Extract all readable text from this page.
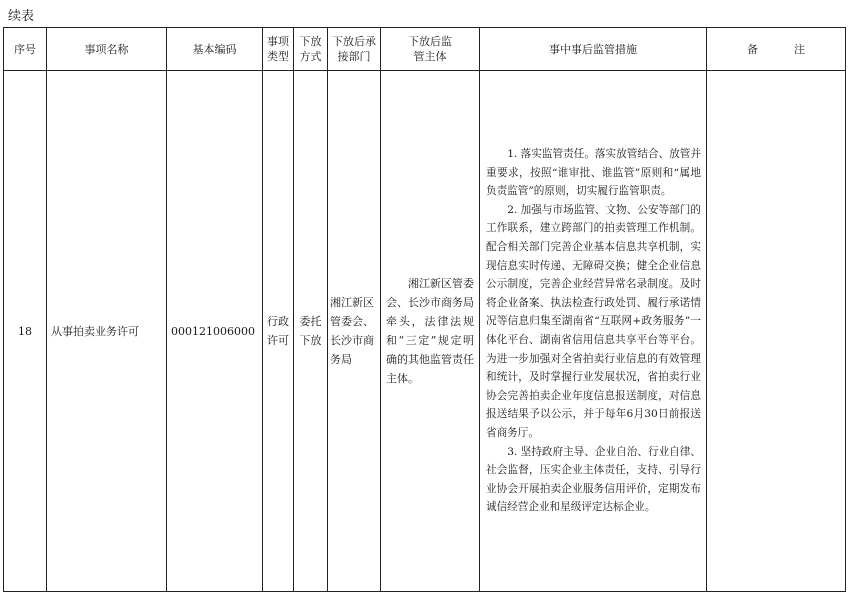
续表
序号	事项名称	基本编码	事项类型	下放方式	下放后承接部门	下放后监管主体	事中事后监管措施	备 注
18	从事拍卖业务许可	000121006000	行政许可	委托下放	湘江新区管委会、长沙市商务局	湘江新区管委会、长沙市商务局牵头，法律法规和“三定”规定明确的其他监管责任主体。	1. 落实监管责任。落实放管结合、放管并重要求，按照“谁审批、谁监管”原则和“属地负责监管”的原则，切实履行监管职责。

2. 加强与市场监管、文物、公安等部门的工作联系，建立跨部门的拍卖管理工作机制。配合相关部门完善企业基本信息共享机制，实现信息实时传递、无障碍交换；健全企业信息公示制度，完善企业经营异常名录制度。及时将企业备案、执法检查行政处罚、履行承诺情况等信息归集至湖南省“互联网+政务服务”一体化平台、湖南省信用信息共享平台等平台。为进一步加强对全省拍卖行业信息的有效管理和统计，及时掌握行业发展状况，省拍卖行业协会完善拍卖企业年度信息报送制度，对信息报送结果予以公示，并于每年6月30日前报送省商务厅。

3. 坚持政府主导、企业自治、行业自律、社会监督，压实企业主体责任，支持、引导行业协会开展拍卖企业服务信用评价，定期发布诚信经营企业和星级评定达标企业。	
